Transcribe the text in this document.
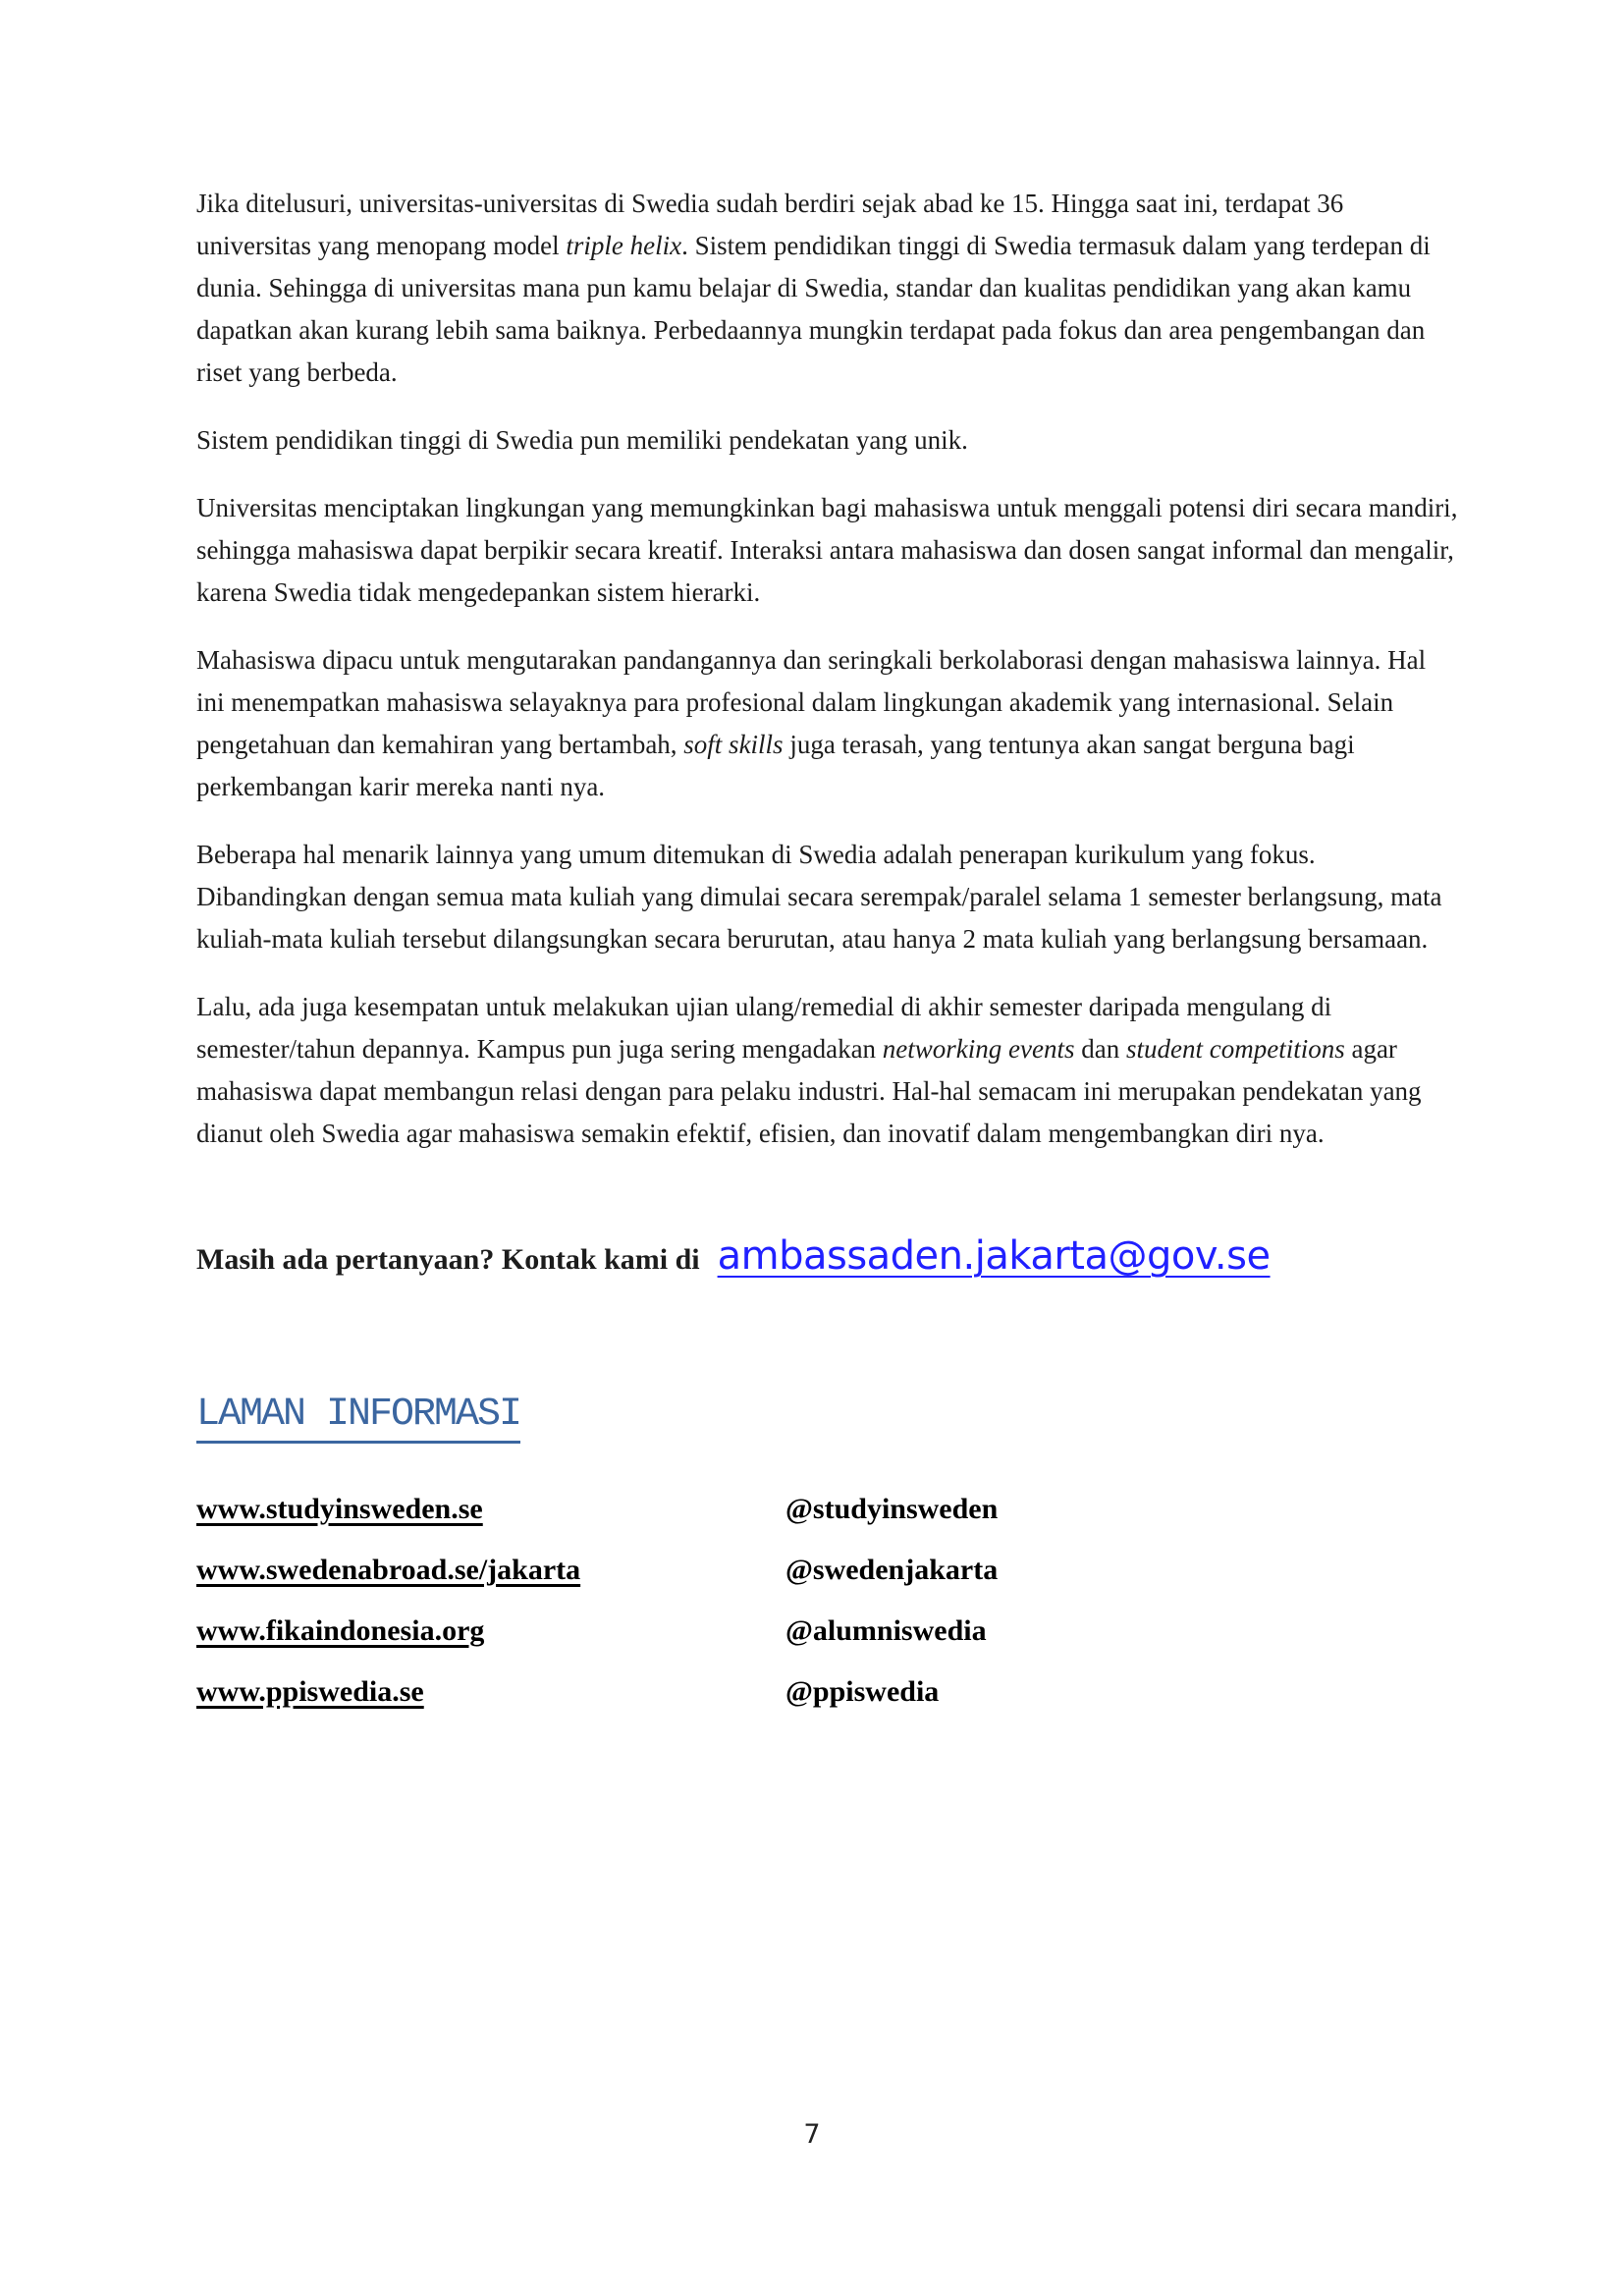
Jika ditelusuri, universitas-universitas di Swedia sudah berdiri sejak abad ke 15. Hingga saat ini, terdapat 36 universitas yang menopang model triple helix. Sistem pendidikan tinggi di Swedia termasuk dalam yang terdepan di dunia. Sehingga di universitas mana pun kamu belajar di Swedia, standar dan kualitas pendidikan yang akan kamu dapatkan akan kurang lebih sama baiknya. Perbedaannya mungkin terdapat pada fokus dan area pengembangan dan riset yang berbeda.

Sistem pendidikan tinggi di Swedia pun memiliki pendekatan yang unik.

Universitas menciptakan lingkungan yang memungkinkan bagi mahasiswa untuk menggali potensi diri secara mandiri, sehingga mahasiswa dapat berpikir secara kreatif. Interaksi antara mahasiswa dan dosen sangat informal dan mengalir, karena Swedia tidak mengedepankan sistem hierarki.

Mahasiswa dipacu untuk mengutarakan pandangannya dan seringkali berkolaborasi dengan mahasiswa lainnya. Hal ini menempatkan mahasiswa selayaknya para profesional dalam lingkungan akademik yang internasional. Selain pengetahuan dan kemahiran yang bertambah, soft skills juga terasah, yang tentunya akan sangat berguna bagi perkembangan karir mereka nanti nya.

Beberapa hal menarik lainnya yang umum ditemukan di Swedia adalah penerapan kurikulum yang fokus. Dibandingkan dengan semua mata kuliah yang dimulai secara serempak/paralel selama 1 semester berlangsung, mata kuliah-mata kuliah tersebut dilangsungkan secara berurutan, atau hanya 2 mata kuliah yang berlangsung bersamaan.

Lalu, ada juga kesempatan untuk melakukan ujian ulang/remedial di akhir semester daripada mengulang di semester/tahun depannya. Kampus pun juga sering mengadakan networking events dan student competitions agar mahasiswa dapat membangun relasi dengan para pelaku industri. Hal-hal semacam ini merupakan pendekatan yang dianut oleh Swedia agar mahasiswa semakin efektif, efisien, dan inovatif dalam mengembangkan diri nya.

Masih ada pertanyaan? Kontak kami di ambassaden.jakarta@gov.se
LAMAN INFORMASI
www.studyinsweden.se	@studyinsweden
www.swedenabroad.se/jakarta	@swedenjakarta
www.fikaindonesia.org	@alumniswedia
www.ppiswedia.se	@ppiswedia
7
